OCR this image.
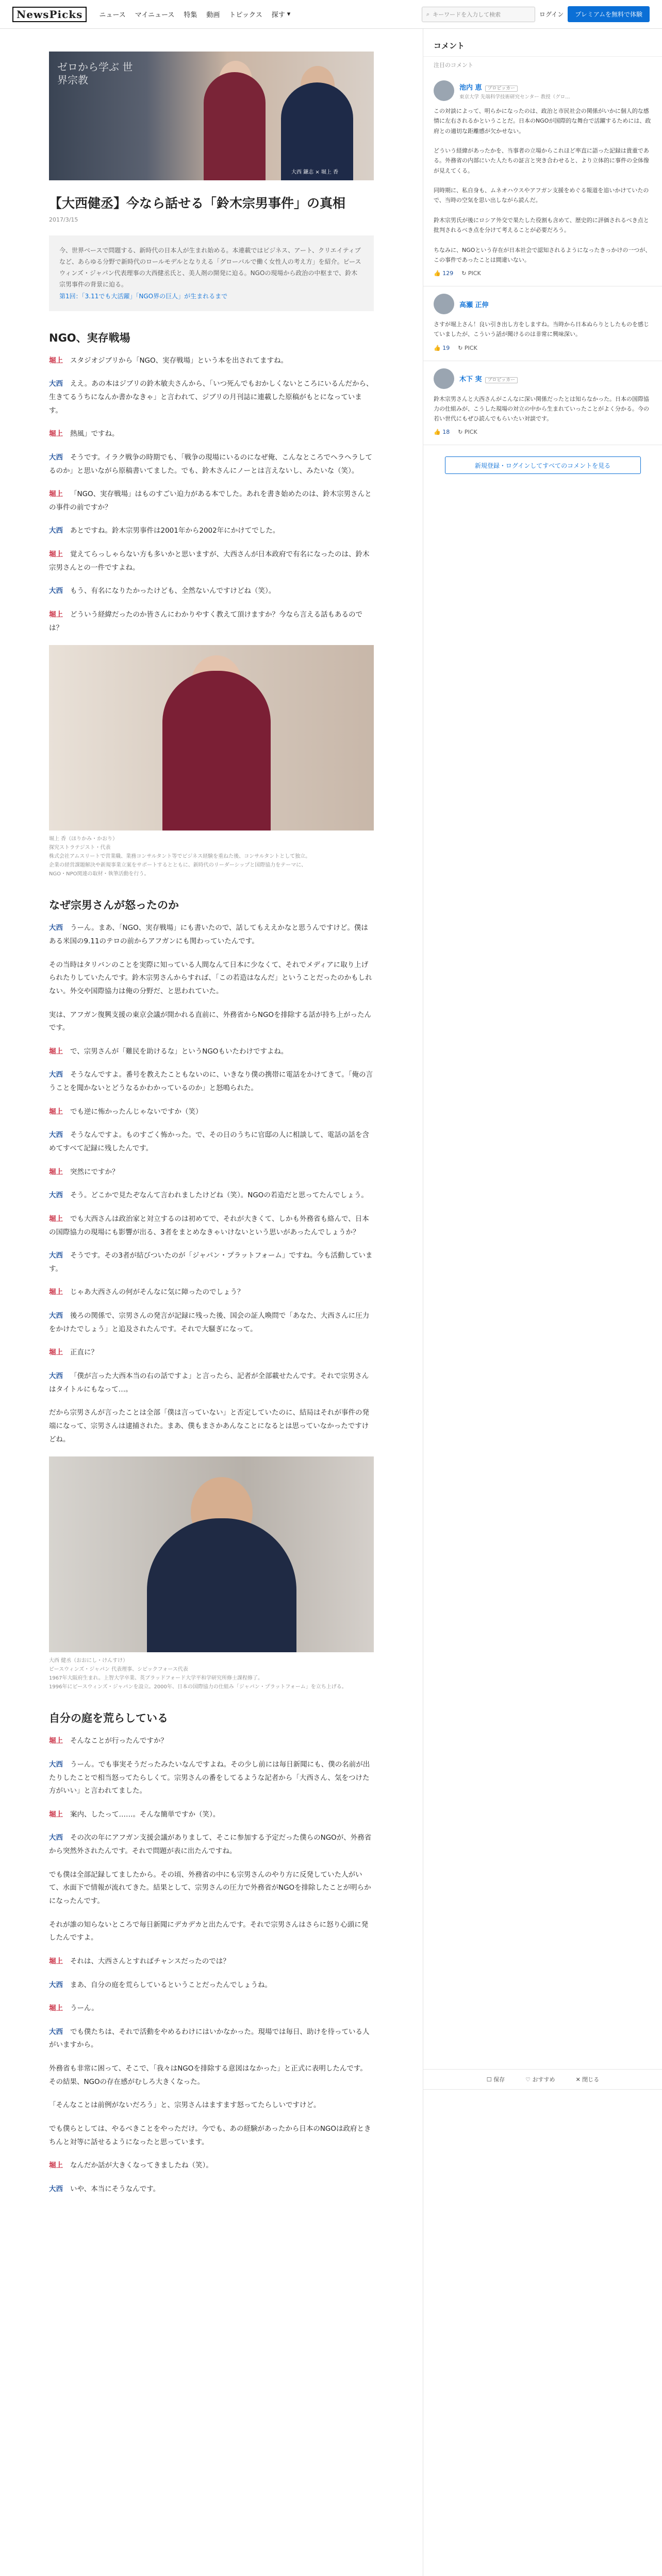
NewsPicks	ニュース マイニュース 特集 動画 トピックス 探す ▾	⌕ キーワードを入力して検索	ログイン	プレミアムを無料で体験
ゼロから学ぶ 世界宗教
大西 鎌志 × 堀上 香
【大西健丞】今なら話せる「鈴木宗男事件」の真相
2017/3/15
今、世界ベースで問題する、新時代の日本人が生まれ始める。本連載ではビジネス、アート、クリエイティブなど、あらゆる分野で新時代のロールモデルとなりえる「グローバルで働く女性人の考え方」を紹介。ピースウィンズ・ジャパン代表理事の大西健丞氏と、美人剤の開発に迫る。NGOの現場から政治の中枢まで、鈴木宗男事件の背景に迫る。
第1回：「3.11でも大活躍」「NGO界の巨人」が生まれるまで
NGO、実存戦場

堀上 スタジオジブリから「NGO、実存戦場」という本を出されてますね。

大西 ええ。あの本はジブリの鈴木敏夫さんから、「いつ死んでもおかしくないところにいるんだから、生きてるうちになんか書かなきゃ」と言われて、ジブリの月刊誌に連載した原稿がもとになっています。

堀上 熱風」ですね。

大西 そうです。イラク戦争の時期でも、「戦争の現場にいるのになぜ俺、こんなところでヘラヘラしてるのか」と思いながら原稿書いてました。でも、鈴木さんにノーとは言えないし、みたいな（笑）。

堀上 「NGO、実存戦場」はものすごい迫力がある本でした。あれを書き始めたのは、鈴木宗男さんとの事件の前ですか？

大西 あとですね。鈴木宗男事件は2001年から2002年にかけてでした。

堀上 覚えてらっしゃらない方も多いかと思いますが、大西さんが日本政府で有名になったのは、鈴木宗男さんとの一件ですよね。

大西 もう、有名になりたかったけども、全然ないんですけどね（笑）。

堀上 どういう経緯だったのか皆さんにわかりやすく教えて頂けますか？今なら言える話もあるのでは？

堀上 香（ほりかみ・かおり）
探究ストラテジスト・代表
株式会社アムスリートで営業職、業務コンサルタント等でビジネス経験を重ねた後、コンサルタントとして独立。
企業の経営課題解決や新規事業立案をサポートするとともに、新時代のリーダーシップと国際協力をテーマに、
NGO・NPO関連の取材・執筆活動を行う。
なぜ宗男さんが怒ったのか

大西 うーん。まあ、「NGO、実存戦場」にも書いたので、話してもええかなと思うんですけど。僕はある米国の9.11のテロの前からアフガンにも関わっていたんです。

その当時はタリバンのことを実際に知っている人間なんて日本に少なくて、それでメディアに取り上げられたりしていたんです。鈴木宗男さんからすれば、「この若造はなんだ」ということだったのかもしれない。外交や国際協力は俺の分野だ、と思われていた。

実は、アフガン復興支援の東京会議が開かれる直前に、外務省からNGOを排除する話が持ち上がったんです。

堀上 で、宗男さんが「難民を助けるな」というNGOもいたわけですよね。

大西 そうなんですよ。番号を教えたこともないのに、いきなり僕の携帯に電話をかけてきて。「俺の言うことを聞かないとどうなるかわかっているのか」と怒鳴られた。

堀上 でも逆に怖かったんじゃないですか（笑）

大西 そうなんですよ。ものすごく怖かった。で、その日のうちに官邸の人に相談して、電話の話を含めてすべて記録に残したんです。

堀上 突然にですか？

大西 そう。どこかで見たぞなんて言われましたけどね（笑）。NGOの若造だと思ってたんでしょう。

堀上 でも大西さんは政治家と対立するのは初めてで、それが大きくて、しかも外務省も絡んで、日本の国際協力の現場にも影響が出る、3者をまとめなきゃいけないという思いがあったんでしょうか？

大西 そうです。その3者が結びついたのが「ジャパン・プラットフォーム」ですね。今も活動しています。

堀上 じゃあ大西さんの何がそんなに気に障ったのでしょう？

大西 後ろの関係で、宗男さんの発言が記録に残った後、国会の証人喚問で「あなた、大西さんに圧力をかけたでしょう」と追及されたんです。それで大騒ぎになって。

堀上 正直に？

大西 「僕が言った大西本当の右の話ですよ」と言ったら、記者が全部載せたんです。それで宗男さんはタイトルにもなって…。

だから宗男さんが言ったことは全部「僕は言っていない」と否定していたのに、結局はそれが事件の発端になって、宗男さんは逮捕された。まあ、僕もまさかあんなことになるとは思っていなかったですけどね。

大西 健丞（おおにし・けんすけ）
ピースウィンズ・ジャパン 代表理事、シビックフォース代表
1967年大阪府生まれ。上智大学卒業、英ブラッドフォード大学平和学研究所修士課程修了。
1996年にピースウィンズ・ジャパンを設立。2000年、日本の国際協力の仕組み「ジャパン・プラットフォーム」を立ち上げる。
自分の庭を荒らしている

堀上 そんなことが行ったんですか？

大西 うーん。でも事実そうだったみたいなんですよね。その少し前には毎日新聞にも、僕の名前が出たりしたことで相当怒ってたらしくて。宗男さんの番をしてるような記者から「大西さん、気をつけた方がいい」と言われてました。

堀上 案内、したって……。そんな簡単ですか（笑）。

大西 その次の年にアフガン支援会議がありまして、そこに参加する予定だった僕らのNGOが、外務省から突然外されたんです。それで問題が表に出たんですね。

でも僕は全部記録してましたから。その頃、外務省の中にも宗男さんのやり方に反発していた人がいて、水面下で情報が流れてきた。結果として、宗男さんの圧力で外務省がNGOを排除したことが明らかになったんです。

それが誰の知らないところで毎日新聞にデカデカと出たんです。それで宗男さんはさらに怒り心頭に発したんですよ。

堀上 それは、大西さんとすればチャンスだったのでは？

大西 まあ、自分の庭を荒らしているということだったんでしょうね。

堀上 うーん。

大西 でも僕たちは、それで活動をやめるわけにはいかなかった。現場では毎日、助けを待っている人がいますから。

外務省も非常に困って、そこで、「我々はNGOを排除する意図はなかった」と正式に表明したんです。その結果、NGOの存在感がむしろ大きくなった。

「そんなことは前例がないだろう」と、宗男さんはますます怒ってたらしいですけど。

でも僕らとしては、やるべきことをやっただけ。今でも、あの経験があったから日本のNGOは政府ときちんと対等に話せるようになったと思っています。

堀上 なんだか話が大きくなってきましたね（笑）。

大西 いや、本当にそうなんです。

コメント
注目のコメント
池内 恵 プロピッカー
東京大学 先端科学技術研究センター 教授（グロ…
この対談によって、明らかになったのは、政治と市民社会の関係がいかに個人的な感情に左右されるかということだ。日本のNGOが国際的な舞台で活躍するためには、政府との適切な距離感が欠かせない。

どういう経緯があったかを、当事者の立場からこれほど率直に語った記録は貴重である。外務省の内部にいた人たちの証言と突き合わせると、より立体的に事件の全体像が見えてくる。

同時期に、私自身も、ムネオハウスやアフガン支援をめぐる報道を追いかけていたので、当時の空気を思い出しながら読んだ。

鈴木宗男氏が後にロシア外交で果たした役割も含めて、歴史的に評価されるべき点と批判されるべき点を分けて考えることが必要だろう。

ちなみに、NGOという存在が日本社会で認知されるようになったきっかけの一つが、この事件であったことは間違いない。
👍 129 ↻ PICK
高瀬 正伸
さすが堀上さん！良い引き出し方をしますね。当時から日本ぬらりとしたものを感じていましたが、こういう話が聞けるのは非常に興味深い。
👍 19 ↻ PICK
木下 実 プロピッカー
鈴木宗男さんと大西さんがこんなに深い関係だったとは知らなかった。日本の国際協力の仕組みが、こうした現場の対立の中から生まれていったことがよく分かる。今の若い世代にもぜひ読んでもらいたい対談です。
👍 18 ↻ PICK
新規登録・ログインしてすべてのコメントを見る
☐ 保存	♡ おすすめ	✕ 閉じる
